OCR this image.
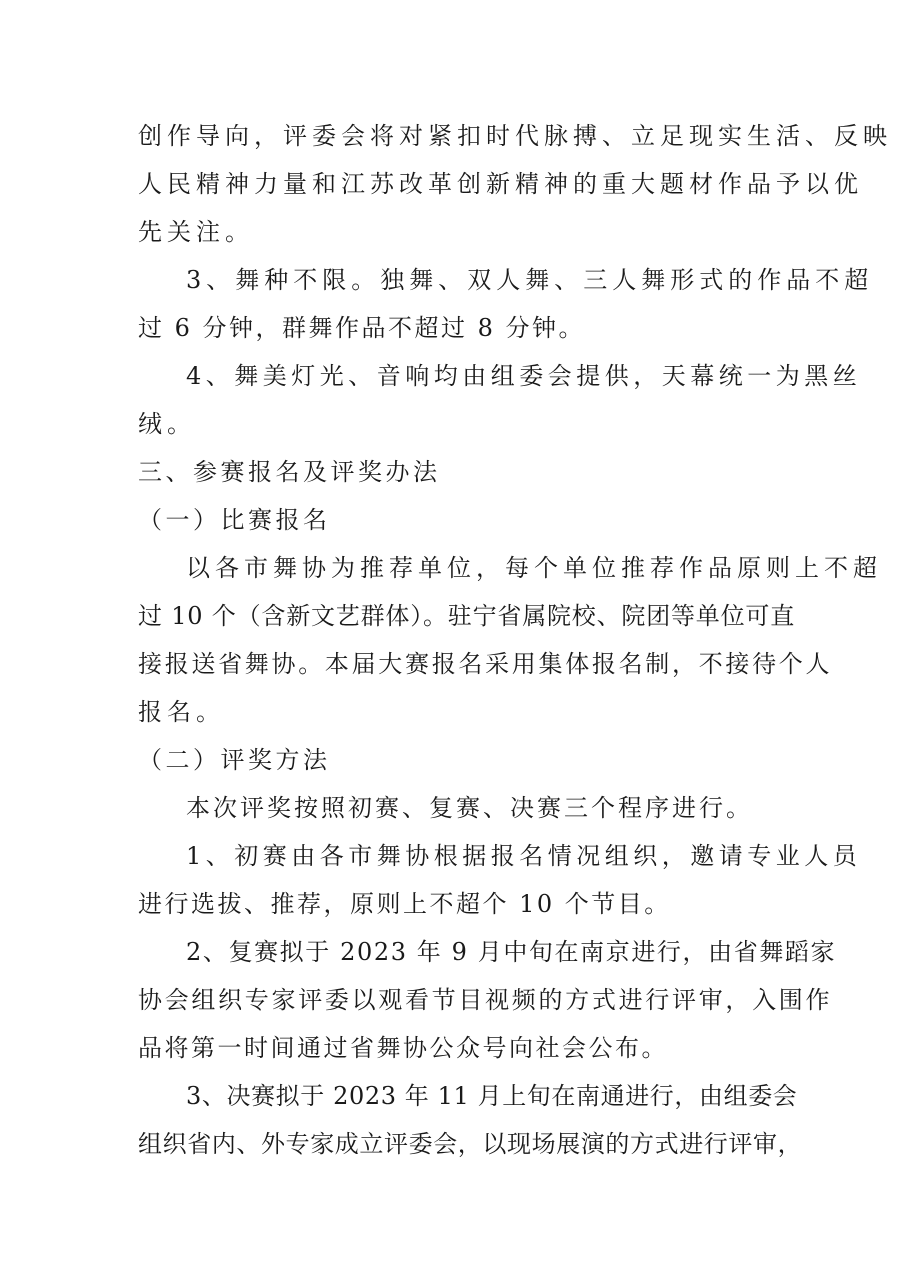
创作导向，评委会将对紧扣时代脉搏、立足现实生活、反映
人民精神力量和江苏改革创新精神的重大题材作品予以优
先关注。
3、舞种不限。独舞、双人舞、三人舞形式的作品不超
过 6 分钟，群舞作品不超过 8 分钟。
4、舞美灯光、音响均由组委会提供，天幕统一为黑丝
绒。
三、参赛报名及评奖办法
（一）比赛报名
以各市舞协为推荐单位，每个单位推荐作品原则上不超
过 10 个（含新文艺群体）。驻宁省属院校、院团等单位可直
接报送省舞协。本届大赛报名采用集体报名制，不接待个人
报名。
（二）评奖方法
本次评奖按照初赛、复赛、决赛三个程序进行。
1、初赛由各市舞协根据报名情况组织，邀请专业人员
进行选拔、推荐，原则上不超个 10 个节目。
2、复赛拟于 2023 年 9 月中旬在南京进行，由省舞蹈家
协会组织专家评委以观看节目视频的方式进行评审，入围作
品将第一时间通过省舞协公众号向社会公布。
3、决赛拟于 2023 年 11 月上旬在南通进行，由组委会
组织省内、外专家成立评委会，以现场展演的方式进行评审，
